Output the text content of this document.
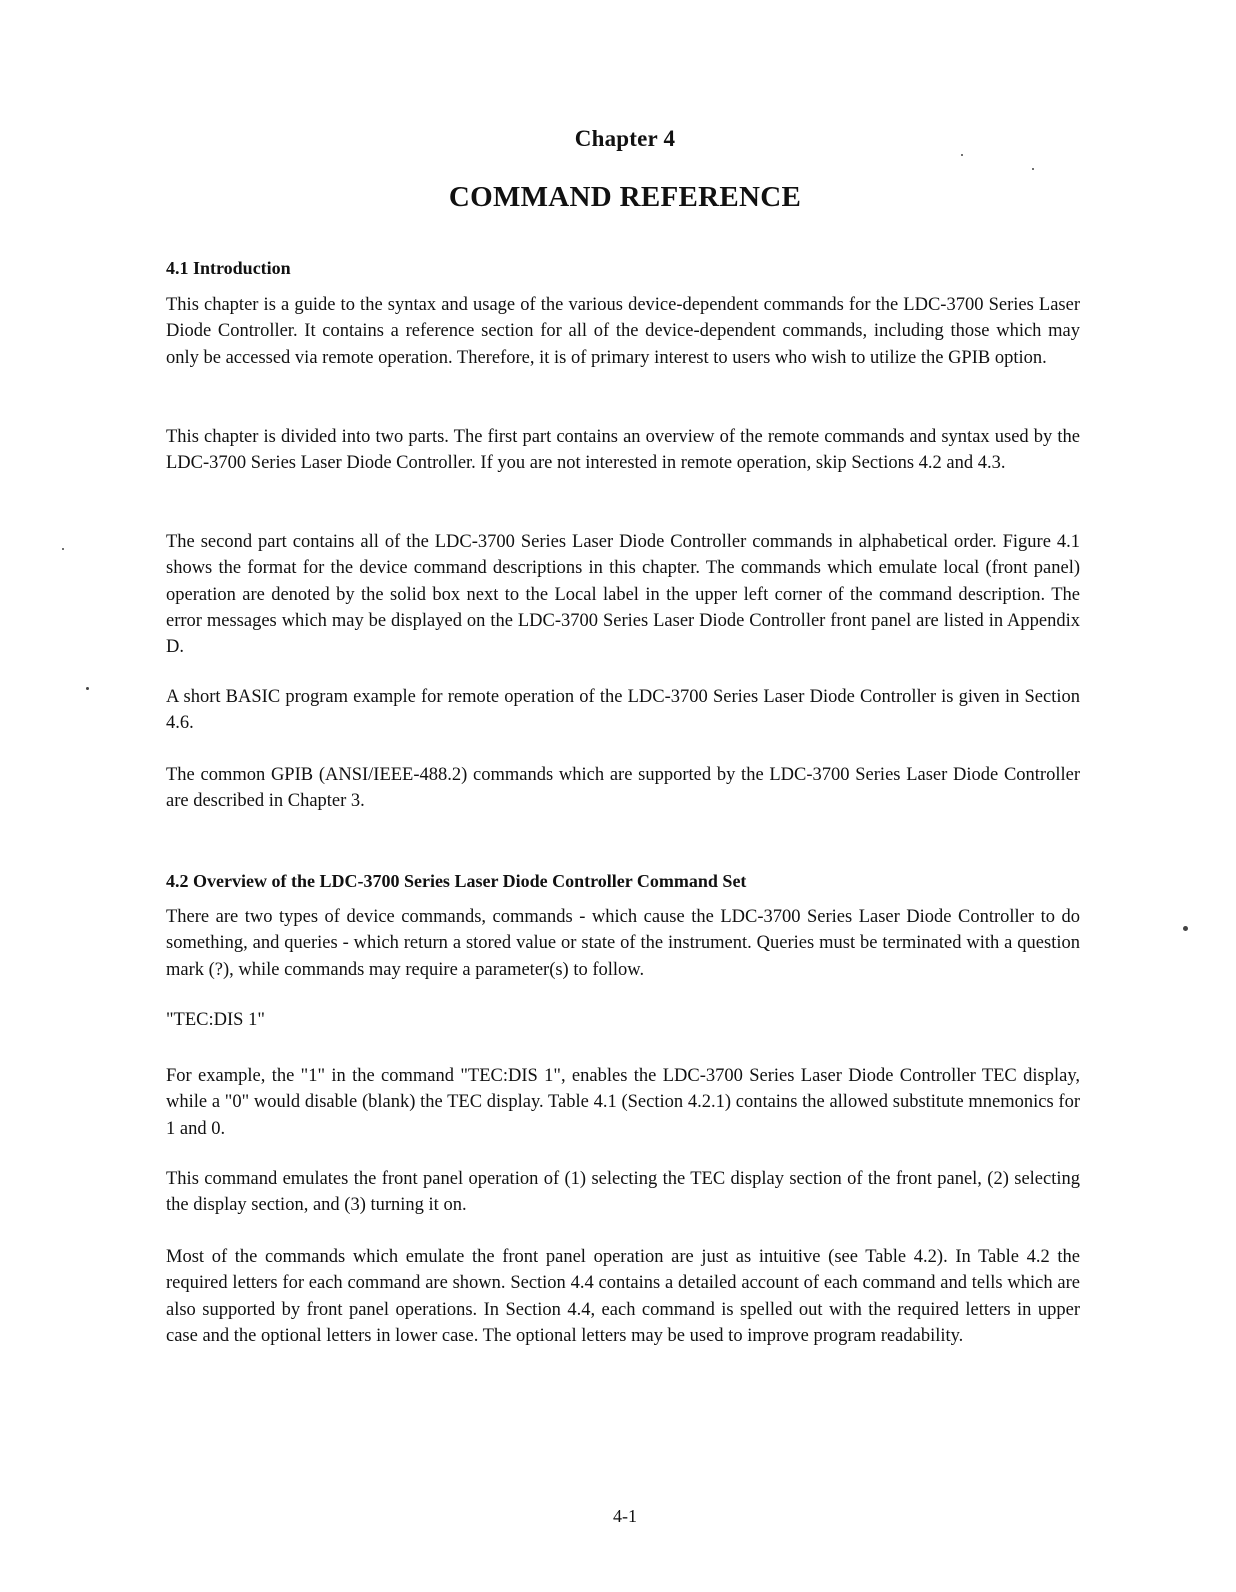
Chapter 4
COMMAND REFERENCE
4.1 Introduction

This chapter is a guide to the syntax and usage of the various device-dependent commands for the LDC-3700 Series Laser Diode Controller. It contains a reference section for all of the device-dependent commands, including those which may only be accessed via remote operation. Therefore, it is of primary interest to users who wish to utilize the GPIB option.

This chapter is divided into two parts. The first part contains an overview of the remote commands and syntax used by the LDC-3700 Series Laser Diode Controller. If you are not interested in remote operation, skip Sections 4.2 and 4.3.

The second part contains all of the LDC-3700 Series Laser Diode Controller commands in alphabetical order. Figure 4.1 shows the format for the device command descriptions in this chapter. The commands which emulate local (front panel) operation are denoted by the solid box next to the Local label in the upper left corner of the command description. The error messages which may be displayed on the LDC-3700 Series Laser Diode Controller front panel are listed in Appendix D.

A short BASIC program example for remote operation of the LDC-3700 Series Laser Diode Controller is given in Section 4.6.

The common GPIB (ANSI/IEEE-488.2) commands which are supported by the LDC-3700 Series Laser Diode Controller are described in Chapter 3.

4.2 Overview of the LDC-3700 Series Laser Diode Controller Command Set

There are two types of device commands, commands - which cause the LDC-3700 Series Laser Diode Controller to do something, and queries - which return a stored value or state of the instrument. Queries must be terminated with a question mark (?), while commands may require a parameter(s) to follow.

"TEC:DIS 1"

For example, the "1" in the command "TEC:DIS 1", enables the LDC-3700 Series Laser Diode Controller TEC display, while a "0" would disable (blank) the TEC display. Table 4.1 (Section 4.2.1) contains the allowed substitute mnemonics for 1 and 0.

This command emulates the front panel operation of (1) selecting the TEC display section of the front panel, (2) selecting the display section, and (3) turning it on.

Most of the commands which emulate the front panel operation are just as intuitive (see Table 4.2). In Table 4.2 the required letters for each command are shown. Section 4.4 contains a detailed account of each command and tells which are also supported by front panel operations. In Section 4.4, each command is spelled out with the required letters in upper case and the optional letters in lower case. The optional letters may be used to improve program readability.

4-1
